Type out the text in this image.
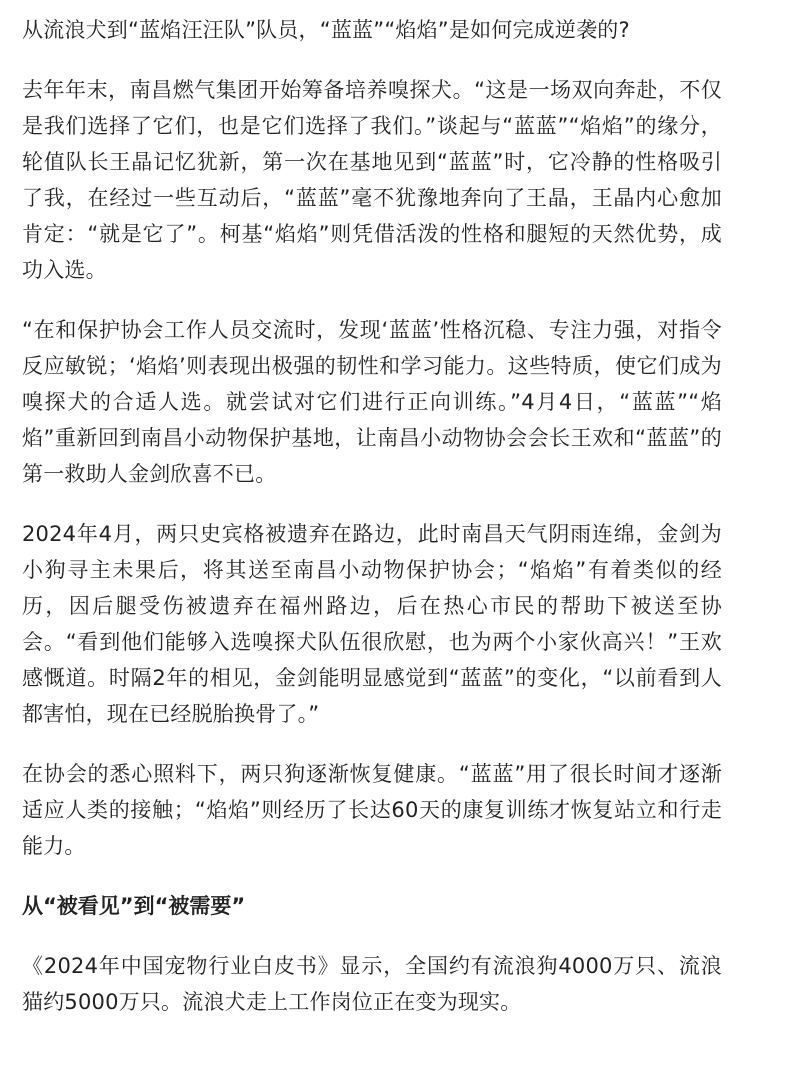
从流浪犬到“蓝焰汪汪队”队员，“蓝蓝”“焰焰”是如何完成逆袭的?

去年年末，南昌燃气集团开始筹备培养嗅探犬。“这是一场双向奔赴，不仅是我们选择了它们，也是它们选择了我们。”谈起与“蓝蓝”“焰焰”的缘分，轮值队长王晶记忆犹新，第一次在基地见到“蓝蓝”时，它冷静的性格吸引了我，在经过一些互动后，“蓝蓝”毫不犹豫地奔向了王晶，王晶内心愈加肯定：“就是它了”。柯基“焰焰”则凭借活泼的性格和腿短的天然优势，成功入选。

“在和保护协会工作人员交流时，发现‘蓝蓝’性格沉稳、专注力强，对指令反应敏锐；‘焰焰’则表现出极强的韧性和学习能力。这些特质，使它们成为嗅探犬的合适人选。就尝试对它们进行正向训练。”4月4日，“蓝蓝”“焰焰”重新回到南昌小动物保护基地，让南昌小动物协会会长王欢和“蓝蓝”的第一救助人金剑欣喜不已。

2024年4月，两只史宾格被遗弃在路边，此时南昌天气阴雨连绵，金剑为小狗寻主未果后，将其送至南昌小动物保护协会；“焰焰”有着类似的经历，因后腿受伤被遗弃在福州路边，后在热心市民的帮助下被送至协会。“看到他们能够入选嗅探犬队伍很欣慰，也为两个小家伙高兴！”王欢感慨道。时隔2年的相见，金剑能明显感觉到“蓝蓝”的变化，“以前看到人都害怕，现在已经脱胎换骨了。”

在协会的悉心照料下，两只狗逐渐恢复健康。“蓝蓝”用了很长时间才逐渐适应人类的接触；“焰焰”则经历了长达60天的康复训练才恢复站立和行走能力。

从“被看见”到“被需要”

《2024年中国宠物行业白皮书》显示，全国约有流浪狗4000万只、流浪猫约5000万只。流浪犬走上工作岗位正在变为现实。
